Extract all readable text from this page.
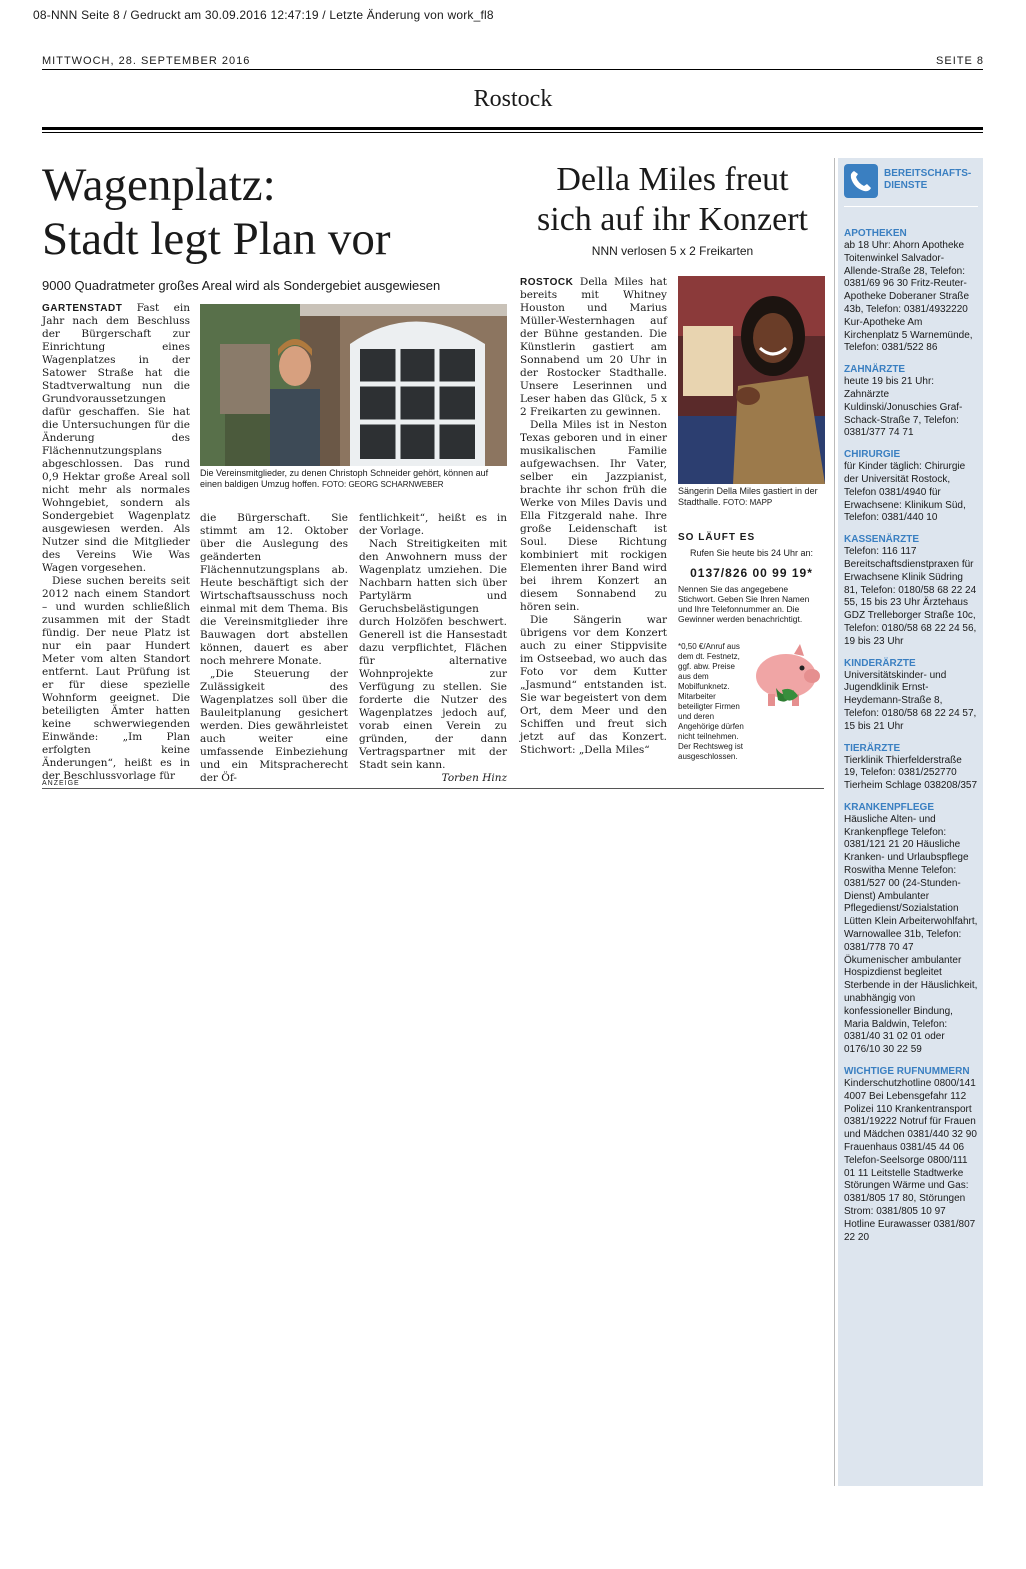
08-NNN Seite 8 / Gedruckt am 30.09.2016 12:47:19 / Letzte Änderung von work_fl8
MITTWOCH, 28. SEPTEMBER 2016	SEITE 8
Rostock
Wagenplatz:
Stadt legt Plan vor
9000 Quadratmeter großes Areal wird als Sondergebiet ausgewiesen

GARTENSTADT Fast ein Jahr nach dem Beschluss der Bürgerschaft zur Einrichtung eines Wagenplatzes in der Satower Straße hat die Stadtverwaltung nun die Grundvoraussetzungen dafür geschaffen. Sie hat die Untersuchungen für die Änderung des Flächennutzungsplans abgeschlossen. Das rund 0,9 Hektar große Areal soll nicht mehr als normales Wohngebiet, sondern als Sondergebiet Wagenplatz ausgewiesen werden. Als Nutzer sind die Mitglieder des Vereins Wie Was Wagen vorgesehen.

Diese suchen bereits seit 2012 nach einem Standort – und wurden schließlich zusammen mit der Stadt fündig. Der neue Platz ist nur ein paar Hundert Meter vom alten Standort entfernt. Laut Prüfung ist er für diese spezielle Wohnform geeignet. Die beteiligten Ämter hatten keine schwerwiegenden Einwände: „Im Plan erfolgten keine Änderungen“, heißt es in der Beschlussvorlage für

Die Vereinsmitglieder, zu denen Christoph Schneider gehört, können auf einen baldigen Umzug hoffen. FOTO: GEORG SCHARNWEBER

die Bürgerschaft. Sie stimmt am 12. Oktober über die Auslegung des geänderten Flächennutzungsplans ab. Heute beschäftigt sich der Wirtschaftsausschuss noch einmal mit dem Thema. Bis die Vereinsmitglieder ihre Bauwagen dort abstellen können, dauert es aber noch mehrere Monate.

„Die Steuerung der Zulässigkeit des Wagenplatzes soll über die Bauleitplanung gesichert werden. Dies gewährleistet auch weiter eine umfassende Einbeziehung und ein Mitspracherecht der Öf-

fentlichkeit“, heißt es in der Vorlage.

Nach Streitigkeiten mit den Anwohnern muss der Wagenplatz umziehen. Die Nachbarn hatten sich über Partylärm und Geruchsbelästigungen durch Holzöfen beschwert. Generell ist die Hansestadt dazu verpflichtet, Flächen für alternative Wohnprojekte zur Verfügung zu stellen. Sie forderte die Nutzer des Wagenplatzes jedoch auf, vorab einen Verein zu gründen, der dann Vertragspartner mit der Stadt sein kann.

Torben Hinz

Della Miles freut
sich auf ihr Konzert
NNN verlosen 5 x 2 Freikarten

ROSTOCK Della Miles hat bereits mit Whitney Houston und Marius Müller-Westernhagen auf der Bühne gestanden. Die Künstlerin gastiert am Sonnabend um 20 Uhr in der Rostocker Stadthalle. Unsere Leserinnen und Leser haben das Glück, 5 x 2 Freikarten zu gewinnen.

Della Miles ist in Neston Texas geboren und in einer musikalischen Familie aufgewachsen. Ihr Vater, selber ein Jazzpianist, brachte ihr schon früh die Werke von Miles Davis und Ella Fitzgerald nahe. Ihre große Leidenschaft ist Soul. Diese Richtung kombiniert mit rockigen Elementen ihrer Band wird bei ihrem Konzert an diesem Sonnabend zu hören sein.

Die Sängerin war übrigens vor dem Konzert auch zu einer Stippvisite im Ostseebad, wo auch das Foto vor dem Kutter „Jasmund“ entstanden ist. Sie war begeistert von dem Ort, dem Meer und den Schiffen und freut sich jetzt auf das Konzert. Stichwort: „Della Miles“

Sängerin Della Miles gastiert in der Stadthalle. FOTO: MAPP
SO LÄUFT ES
Rufen Sie heute bis 24 Uhr an:
0137/826 00 99 19*
Nennen Sie das angegebene Stichwort. Geben Sie Ihren Namen und Ihre Telefonnummer an. Die Gewinner werden benachrichtigt.
*0,50 €/Anruf aus dem dt. Festnetz, ggf. abw. Preise aus dem Mobilfunknetz. Mitarbeiter beteiligter Firmen und deren Angehörige dürfen nicht teilnehmen. Der Rechtsweg ist ausgeschlossen.
ANZEIGE
BEREITSCHAFTS-
DIENSTE
APOTHEKEN
ab 18 Uhr: Ahorn Apotheke Toitenwinkel Salvador-Allende-Straße 28, Telefon: 0381/69 96 30 Fritz-Reuter-Apotheke Doberaner Straße 43b, Telefon: 0381/4932220 Kur-Apotheke Am Kirchenplatz 5 Warnemünde, Telefon: 0381/522 86
ZAHNÄRZTE
heute 19 bis 21 Uhr: Zahnärzte Kuldinski/Jonuschies Graf-Schack-Straße 7, Telefon: 0381/377 74 71
CHIRURGIE
für Kinder täglich: Chirurgie der Universität Rostock, Telefon 0381/4940 für Erwachsene: Klinikum Süd, Telefon: 0381/440 10
KASSENÄRZTE
Telefon: 116 117 Bereitschaftsdienstpraxen für Erwachsene Klinik Südring 81, Telefon: 0180/58 68 22 24 55, 15 bis 23 Uhr Ärztehaus GDZ Trelleborger Straße 10c, Telefon: 0180/58 68 22 24 56, 19 bis 23 Uhr
KINDERÄRZTE
Universitätskinder- und Jugendklinik Ernst-Heydemann-Straße 8, Telefon: 0180/58 68 22 24 57, 15 bis 21 Uhr
TIERÄRZTE
Tierklinik Thierfelderstraße 19, Telefon: 0381/252770 Tierheim Schlage 038208/357
KRANKENPFLEGE
Häusliche Alten- und Krankenpflege Telefon: 0381/121 21 20 Häusliche Kranken- und Urlaubspflege Roswitha Menne Telefon: 0381/527 00 (24-Stunden-Dienst) Ambulanter Pflegedienst/Sozialstation Lütten Klein Arbeiterwohlfahrt, Warnowallee 31b, Telefon: 0381/778 70 47 Ökumenischer ambulanter Hospizdienst begleitet Sterbende in der Häuslichkeit, unabhängig von konfessioneller Bindung, Maria Baldwin, Telefon: 0381/40 31 02 01 oder 0176/10 30 22 59
WICHTIGE RUFNUMMERN
Kinderschutzhotline 0800/141 4007 Bei Lebensgefahr 112 Polizei 110 Krankentransport 0381/19222 Notruf für Frauen und Mädchen 0381/440 32 90 Frauenhaus 0381/45 44 06 Telefon-Seelsorge 0800/111 01 11 Leitstelle Stadtwerke Störungen Wärme und Gas: 0381/805 17 80, Störungen Strom: 0381/805 10 97 Hotline Eurawasser 0381/807 22 20
